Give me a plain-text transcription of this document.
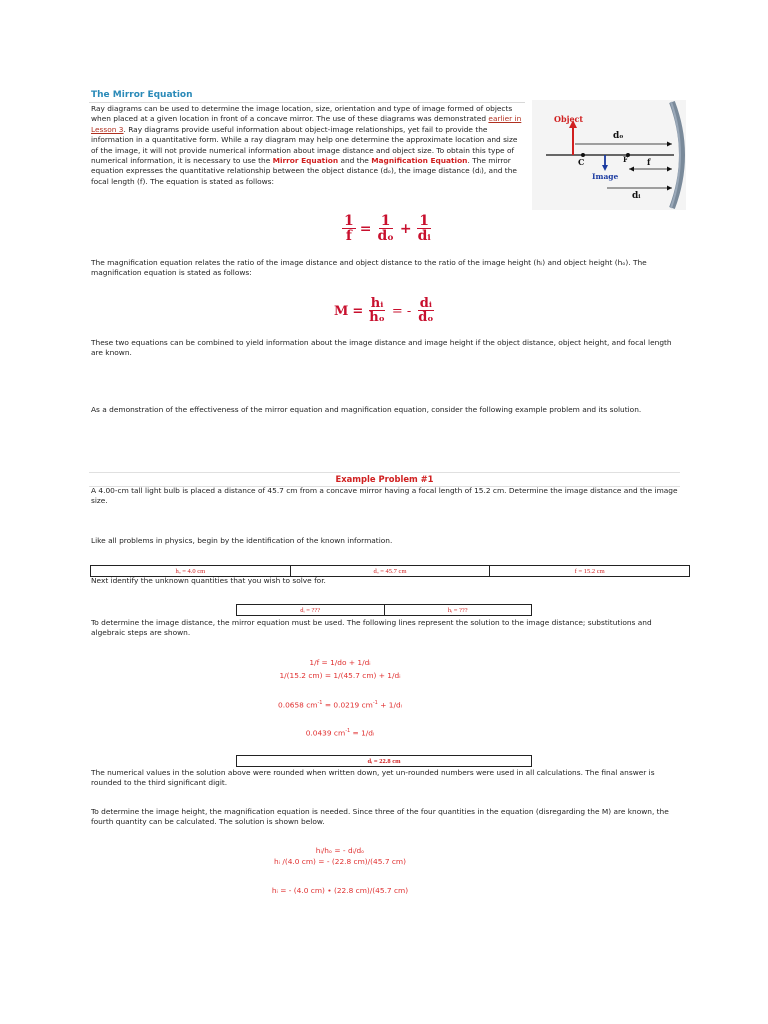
The Mirror Equation
Ray diagrams can be used to determine the image location, size, orientation and type of image formed of objects when placed at a given location in front of a concave mirror. The use of these diagrams was demonstrated earlier in Lesson 3. Ray diagrams provide useful information about object-image relationships, yet fail to provide the information in a quantitative form. While a ray diagram may help one determine the approximate location and size of the image, it will not provide numerical information about image distance and object size. To obtain this type of numerical information, it is necessary to use the Mirror Equation and the Magnification Equation. The mirror equation expresses the quantitative relationship between the object distance (dₒ), the image distance (dᵢ), and the focal length (f). The equation is stated as follows:
Object
dₒ
C	F f
Image
dᵢ
$\frac{1}{f} = \frac{1}{\text{dₒ}} + \frac{1}{\text{dᵢ}}$
The magnification equation relates the ratio of the image distance and object distance to the ratio of the image height (hᵢ) and object height (hₒ). The magnification equation is stated as follows:
$M = \frac{\text{hᵢ}}{\text{hₒ}}$ = - $\frac{\text{dᵢ}}{\text{dₒ}}$
These two equations can be combined to yield information about the image distance and image height if the object distance, object height, and focal length are known.
As a demonstration of the effectiveness of the mirror equation and magnification equation, consider the following example problem and its solution.
Example Problem #1
A 4.00-cm tall light bulb is placed a distance of 45.7 cm from a concave mirror having a focal length of 15.2 cm. Determine the image distance and the image size.
Like all problems in physics, begin by the identification of the known information.
hₒ = 4.0 cm	dₒ = 45.7 cm	f = 15.2 cm
Next identify the unknown quantities that you wish to solve for.
dᵢ = ???	hᵢ = ???
To determine the image distance, the mirror equation must be used. The following lines represent the solution to the image distance; substitutions and algebraic steps are shown.
1/f = 1/do + 1/dᵢ
1/(15.2 cm) = 1/(45.7 cm) + 1/dᵢ
0.0658 $cm^{-1} = 0.0219$ $cm^{-1}$ + 1/dᵢ
0.0439 $cm^{-1}$ = 1/dᵢ
dᵢ = 22.8 cm
The numerical values in the solution above were rounded when written down, yet un-rounded numbers were used in all calculations. The final answer is rounded to the third significant digit.
To determine the image height, the magnification equation is needed. Since three of the four quantities in the equation (disregarding the M) are known, the fourth quantity can be calculated. The solution is shown below.
hᵢ/hₒ = - dᵢ/dₒ
hᵢ /(4.0 cm) = - (22.8 cm)/(45.7 cm)
hᵢ = - (4.0 cm) • (22.8 cm)/(45.7 cm)
